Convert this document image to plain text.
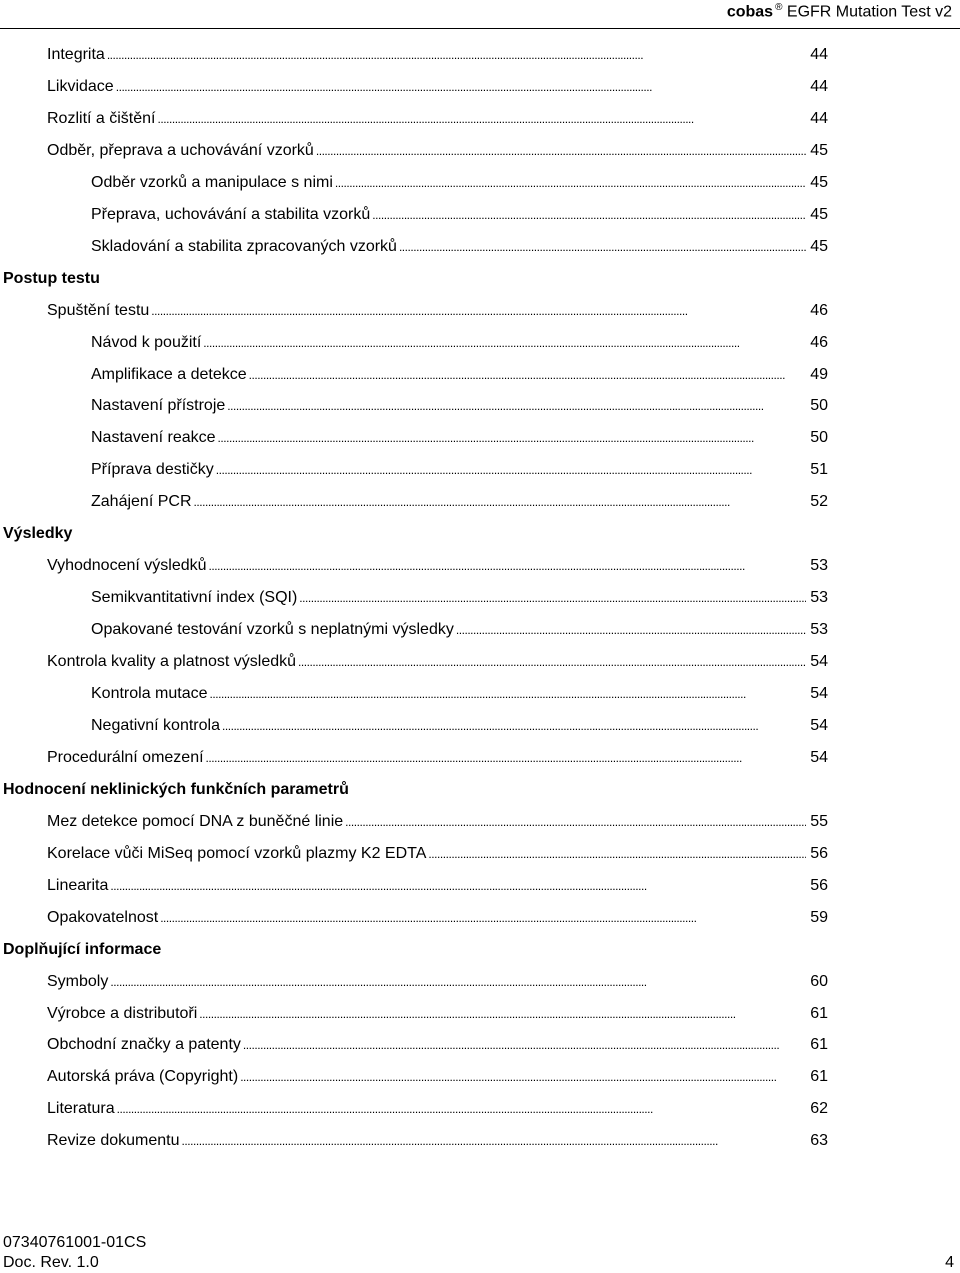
cobas ® EGFR Mutation Test v2
Integrita . . .	44
Likvidace . . .	44
Rozlití a čištění . . .	44
Odběr, přeprava a uchovávání vzorků . . .	45
Odběr vzorků a manipulace s nimi . . .	45
Přeprava, uchovávání a stabilita vzorků . . .	45
Skladování a stabilita zpracovaných vzorků . . .	45
Postup testu
Spuštění testu . . .	46
Návod k použití . . .	46
Amplifikace a detekce . . .	49
Nastavení přístroje . . .	50
Nastavení reakce . . .	50
Příprava destičky . . .	51
Zahájení PCR . . .	52
Výsledky
Vyhodnocení výsledků . . .	53
Semikvantitativní index (SQI) . . .	53
Opakované testování vzorků s neplatnými výsledky . . .	53
Kontrola kvality a platnost výsledků . . .	54
Kontrola mutace . . .	54
Negativní kontrola . . .	54
Procedurální omezení . . .	54
Hodnocení neklinických funkčních parametrů
Mez detekce pomocí DNA z buněčné linie . . .	55
Korelace vůči MiSeq pomocí vzorků plazmy K2 EDTA . . .	56
Linearita . . .	56
Opakovatelnost . . .	59
Doplňující informace
Symboly . . .	60
Výrobce a distributoři . . .	61
Obchodní značky a patenty . . .	61
Autorská práva (Copyright) . . .	61
Literatura . . .	62
Revize dokumentu . . .	63
07340761001-01CS
Doc. Rev. 1.0	4
